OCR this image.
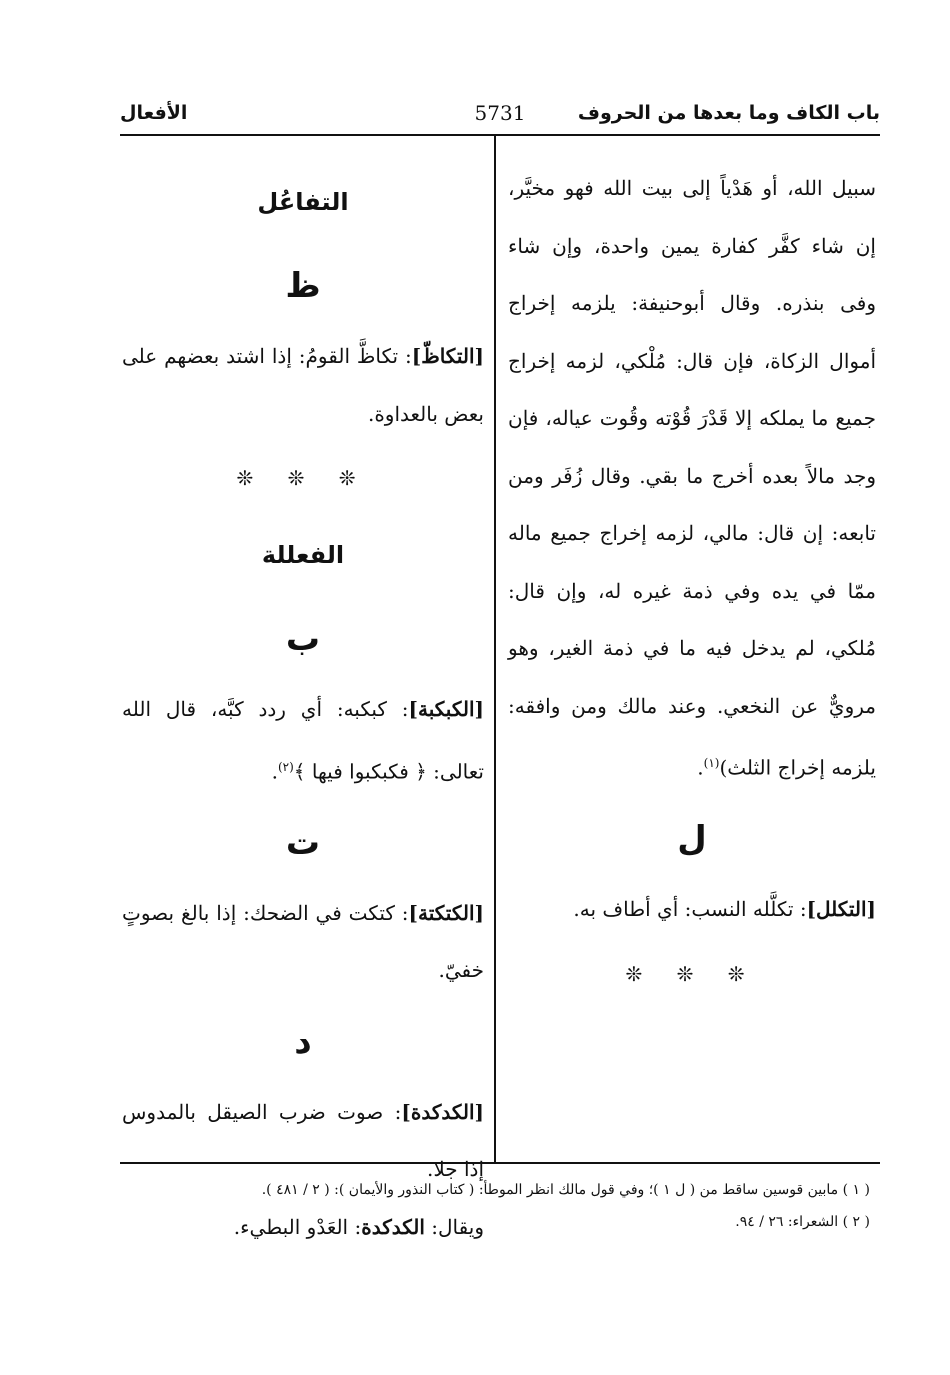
باب الكاف وما بعدها من الحروف
5731
الأفعال

سبيل الله، أو هَدْياً إلى بيت الله فهو مخيَّر، إن شاء كفَّر كفارة يمين واحدة، وإن شاء وفى بنذره. وقال أبوحنيفة: يلزمه إخراج أموال الزكاة، فإن قال: مُلْكي، لزمه إخراج جميع ما يملكه إلا قَدْرَ قُوْته وقُوت عياله، فإن وجد مالاً بعده أخرج ما بقي. وقال زُفَر ومن تابعه: إن قال: مالي، لزمه إخراج جميع ماله ممّا في يده وفي ذمة غيره له، وإن قال: مُلكي، لم يدخل فيه ما في ذمة الغير، وهو مرويٌّ عن النخعي. وعند مالك ومن وافقه: يلزمه إخراج الثلث)$^{(١)}$.

ل

[التكلل]: تكلَّله النسب: أي أطاف به.

❊ ❊ ❊

التفاعُل

ظ

[التكاظّ]: تكاظَّ القومُ: إذا اشتد بعضهم على بعض بالعداوة.

❊ ❊ ❊

الفعللة

ب

[الكبكبة]: كبكبه: أي ردد كبَّه، قال الله تعالى: ﴿ فكبكبوا فيها ﴾$^{(٢)}$.

ت

[الكتكتة]: كتكت في الضحك: إذا بالغ بصوتٍ خفيّ.

د

[الكدكدة]: صوت ضرب الصيقل بالمدوس إذا جلا.

ويقال: الكدكدة: العَدْو البطيء.

( ١ ) مابين قوسين ساقط من ( ل ١ )؛ وفي قول مالك انظر الموطأ: ( كتاب النذور والأيمان ): ( ٢ / ٤٨١ ).

( ٢ ) الشعراء: ٢٦ / ٩٤.
